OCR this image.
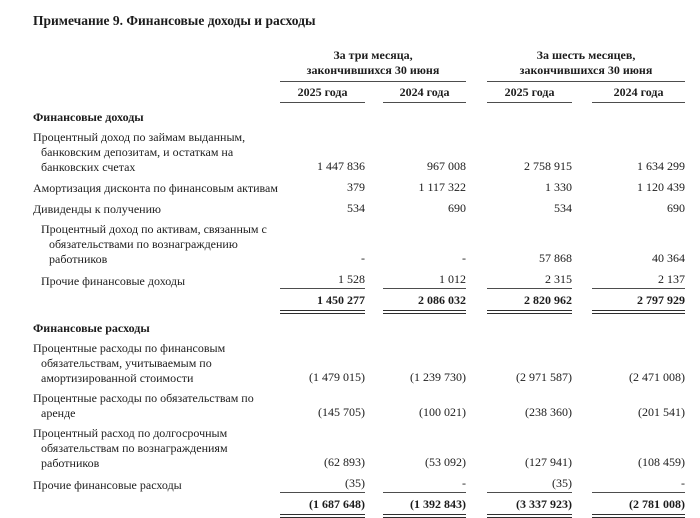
Примечание 9. Финансовые доходы и расходы
За три месяца,
закончившихся 30 июня
За шесть месяцев,
закончившихся 30 июня
2025 года	2024 года	2025 года	2024 года
Финансовые доходы
Процентный доход по займам выданным, банковским депозитам, и остаткам на банковских счетах	1 447 836	967 008	2 758 915	1 634 299
Амортизация дисконта по финансовым активам	379	1 117 322	1 330	1 120 439
Дивиденды к получению	534	690	534	690
Процентный доход по активам, связанным с обязательствами по вознаграждению работников	-	-	57 868	40 364
Прочие финансовые доходы	1 528	1 012	2 315	2 137
1 450 277	2 086 032	2 820 962	2 797 929
Финансовые расходы
Процентные расходы по финансовым обязательствам, учитываемым по амортизированной стоимости	(1 479 015)	(1 239 730)	(2 971 587)	(2 471 008)
Процентные расходы по обязательствам по аренде	(145 705)	(100 021)	(238 360)	(201 541)
Процентный расход по долгосрочным обязательствам по вознаграждениям работников	(62 893)	(53 092)	(127 941)	(108 459)
Прочие финансовые расходы	(35)	-	(35)	-
(1 687 648)	(1 392 843)	(3 337 923)	(2 781 008)
